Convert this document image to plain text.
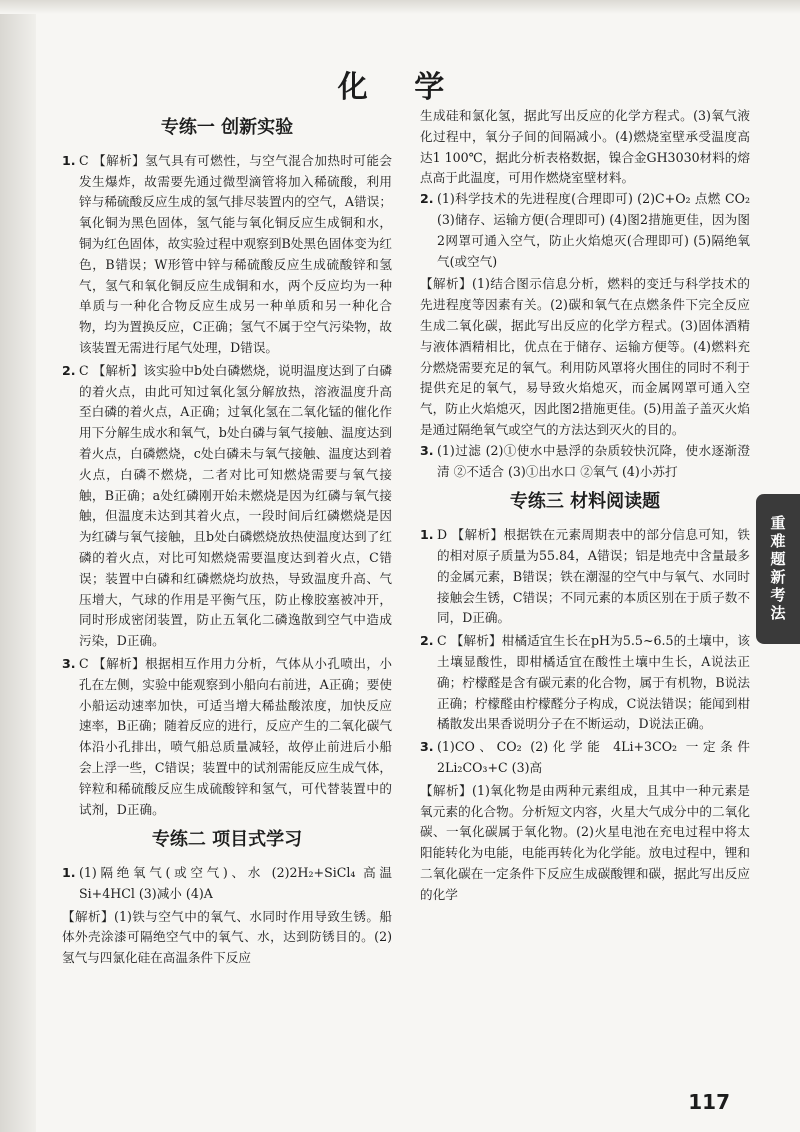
化 学
专练一 创新实验
1. C 【解析】氢气具有可燃性，与空气混合加热时可能会发生爆炸，故需要先通过微型滴管将加入稀硫酸，利用锌与稀硫酸反应生成的氢气排尽装置内的空气，A错误；氧化铜为黑色固体，氢气能与氧化铜反应生成铜和水，铜为红色固体，故实验过程中观察到B处黑色固体变为红色，B错误；W形管中锌与稀硫酸反应生成硫酸锌和氢气，氢气和氧化铜反应生成铜和水，两个反应均为一种单质与一种化合物反应生成另一种单质和另一种化合物，均为置换反应，C正确；氢气不属于空气污染物，故该装置无需进行尾气处理，D错误。
2. C 【解析】该实验中b处白磷燃烧，说明温度达到了白磷的着火点，由此可知过氧化氢分解放热，溶液温度升高至白磷的着火点，A正确；过氧化氢在二氧化锰的催化作用下分解生成水和氧气，b处白磷与氧气接触、温度达到着火点，白磷燃烧，c处白磷未与氧气接触、温度达到着火点，白磷不燃烧，二者对比可知燃烧需要与氧气接触，B正确；a处红磷刚开始未燃烧是因为红磷与氧气接触，但温度未达到其着火点，一段时间后红磷燃烧是因为红磷与氧气接触，且b处白磷燃烧放热使温度达到了红磷的着火点，对比可知燃烧需要温度达到着火点，C错误；装置中白磷和红磷燃烧均放热，导致温度升高、气压增大，气球的作用是平衡气压，防止橡胶塞被冲开，同时形成密闭装置，防止五氧化二磷逸散到空气中造成污染，D正确。
3. C 【解析】根据相互作用力分析，气体从小孔喷出，小孔在左侧，实验中能观察到小船向右前进，A正确；要使小船运动速率加快，可适当增大稀盐酸浓度，加快反应速率，B正确；随着反应的进行，反应产生的二氧化碳气体沿小孔排出，喷气船总质量减轻，故停止前进后小船会上浮一些，C错误；装置中的试剂需能反应生成气体，锌粒和稀硫酸反应生成硫酸锌和氢气，可代替装置中的试剂，D正确。
专练二 项目式学习
1. (1)隔绝氧气(或空气)、水 (2)2H₂+SiCl₄ 高温 Si+4HCl (3)减小 (4)A

【解析】(1)铁与空气中的氧气、水同时作用导致生锈。船体外壳涂漆可隔绝空气中的氧气、水，达到防锈目的。(2)氢气与四氯化硅在高温条件下反应

生成硅和氯化氢，据此写出反应的化学方程式。(3)氧气液化过程中，氧分子间的间隔减小。(4)燃烧室壁承受温度高达1 100℃，据此分析表格数据，镍合金GH3030材料的熔点高于此温度，可用作燃烧室壁材料。

2. (1)科学技术的先进程度(合理即可) (2)C+O₂ 点燃 CO₂ (3)储存、运输方便(合理即可) (4)图2措施更佳，因为图2网罩可通入空气，防止火焰熄灭(合理即可) (5)隔绝氧气(或空气)

【解析】(1)结合图示信息分析，燃料的变迁与科学技术的先进程度等因素有关。(2)碳和氧气在点燃条件下完全反应生成二氧化碳，据此写出反应的化学方程式。(3)固体酒精与液体酒精相比，优点在于储存、运输方便等。(4)燃料充分燃烧需要充足的氧气。利用防风罩将火围住的同时不利于提供充足的氧气，易导致火焰熄灭，而金属网罩可通入空气，防止火焰熄灭，因此图2措施更佳。(5)用盖子盖灭火焰是通过隔绝氧气或空气的方法达到灭火的目的。

3. (1)过滤 (2)①使水中悬浮的杂质较快沉降，使水逐渐澄清 ②不适合 (3)①出水口 ②氧气 (4)小苏打
专练三 材料阅读题
1. D 【解析】根据铁在元素周期表中的部分信息可知，铁的相对原子质量为55.84，A错误；铝是地壳中含量最多的金属元素，B错误；铁在潮湿的空气中与氧气、水同时接触会生锈，C错误；不同元素的本质区别在于质子数不同，D正确。
2. C 【解析】柑橘适宜生长在pH为5.5~6.5的土壤中，该土壤显酸性，即柑橘适宜在酸性土壤中生长，A说法正确；柠檬醛是含有碳元素的化合物，属于有机物，B说法正确；柠檬醛由柠檬醛分子构成，C说法错误；能闻到柑橘散发出果香说明分子在不断运动，D说法正确。
3. (1)CO、CO₂ (2)化学能 4Li+3CO₂ 一定条件 2Li₂CO₃+C (3)高

【解析】(1)氧化物是由两种元素组成，且其中一种元素是氧元素的化合物。分析短文内容，火星大气成分中的二氧化碳、一氧化碳属于氧化物。(2)火星电池在充电过程中将太阳能转化为电能，电能再转化为化学能。放电过程中，锂和二氧化碳在一定条件下反应生成碳酸锂和碳，据此写出反应的化学

重难题新考法
117
